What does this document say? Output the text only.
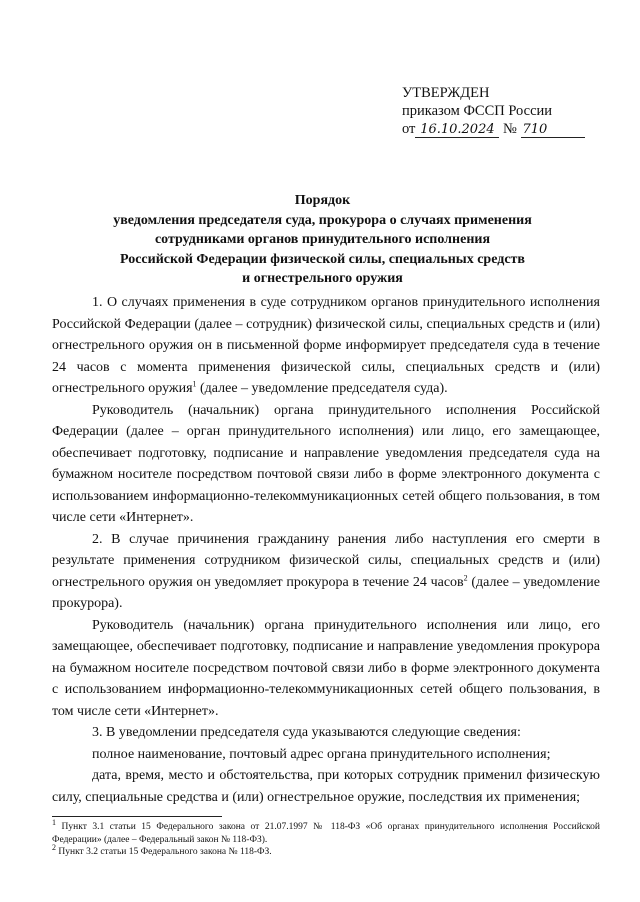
УТВЕРЖДЕН
приказом ФССП России
от 16.10.2024 № 710
Порядок
уведомления председателя суда, прокурора о случаях применения
сотрудниками органов принудительного исполнения
Российской Федерации физической силы, специальных средств
и огнестрельного оружия

1. О случаях применения в суде сотрудником органов принудительного исполнения Российской Федерации (далее – сотрудник) физической силы, специальных средств и (или) огнестрельного оружия он в письменной форме информирует председателя суда в течение 24 часов с момента применения физической силы, специальных средств и (или) огнестрельного оружия$^1$ (далее – уведомление председателя суда).

Руководитель (начальник) органа принудительного исполнения Российской Федерации (далее – орган принудительного исполнения) или лицо, его замещающее, обеспечивает подготовку, подписание и направление уведомления председателя суда на бумажном носителе посредством почтовой связи либо в форме электронного документа с использованием информационно-телекоммуникационных сетей общего пользования, в том числе сети «Интернет».

2. В случае причинения гражданину ранения либо наступления его смерти в результате применения сотрудником физической силы, специальных средств и (или) огнестрельного оружия он уведомляет прокурора в течение 24 часов$^2$ (далее – уведомление прокурора).

Руководитель (начальник) органа принудительного исполнения или лицо, его замещающее, обеспечивает подготовку, подписание и направление уведомления прокурора на бумажном носителе посредством почтовой связи либо в форме электронного документа с использованием информационно-телекоммуникационных сетей общего пользования, в том числе сети «Интернет».

3. В уведомлении председателя суда указываются следующие сведения:

полное наименование, почтовый адрес органа принудительного исполнения;

дата, время, место и обстоятельства, при которых сотрудник применил физическую силу, специальные средства и (или) огнестрельное оружие, последствия их применения;

$^1$ Пункт 3.1 статьи 15 Федерального закона от 21.07.1997 № 118-ФЗ «Об органах принудительного исполнения Российской Федерации» (далее – Федеральный закон № 118-ФЗ).

$^2$ Пункт 3.2 статьи 15 Федерального закона № 118-ФЗ.
